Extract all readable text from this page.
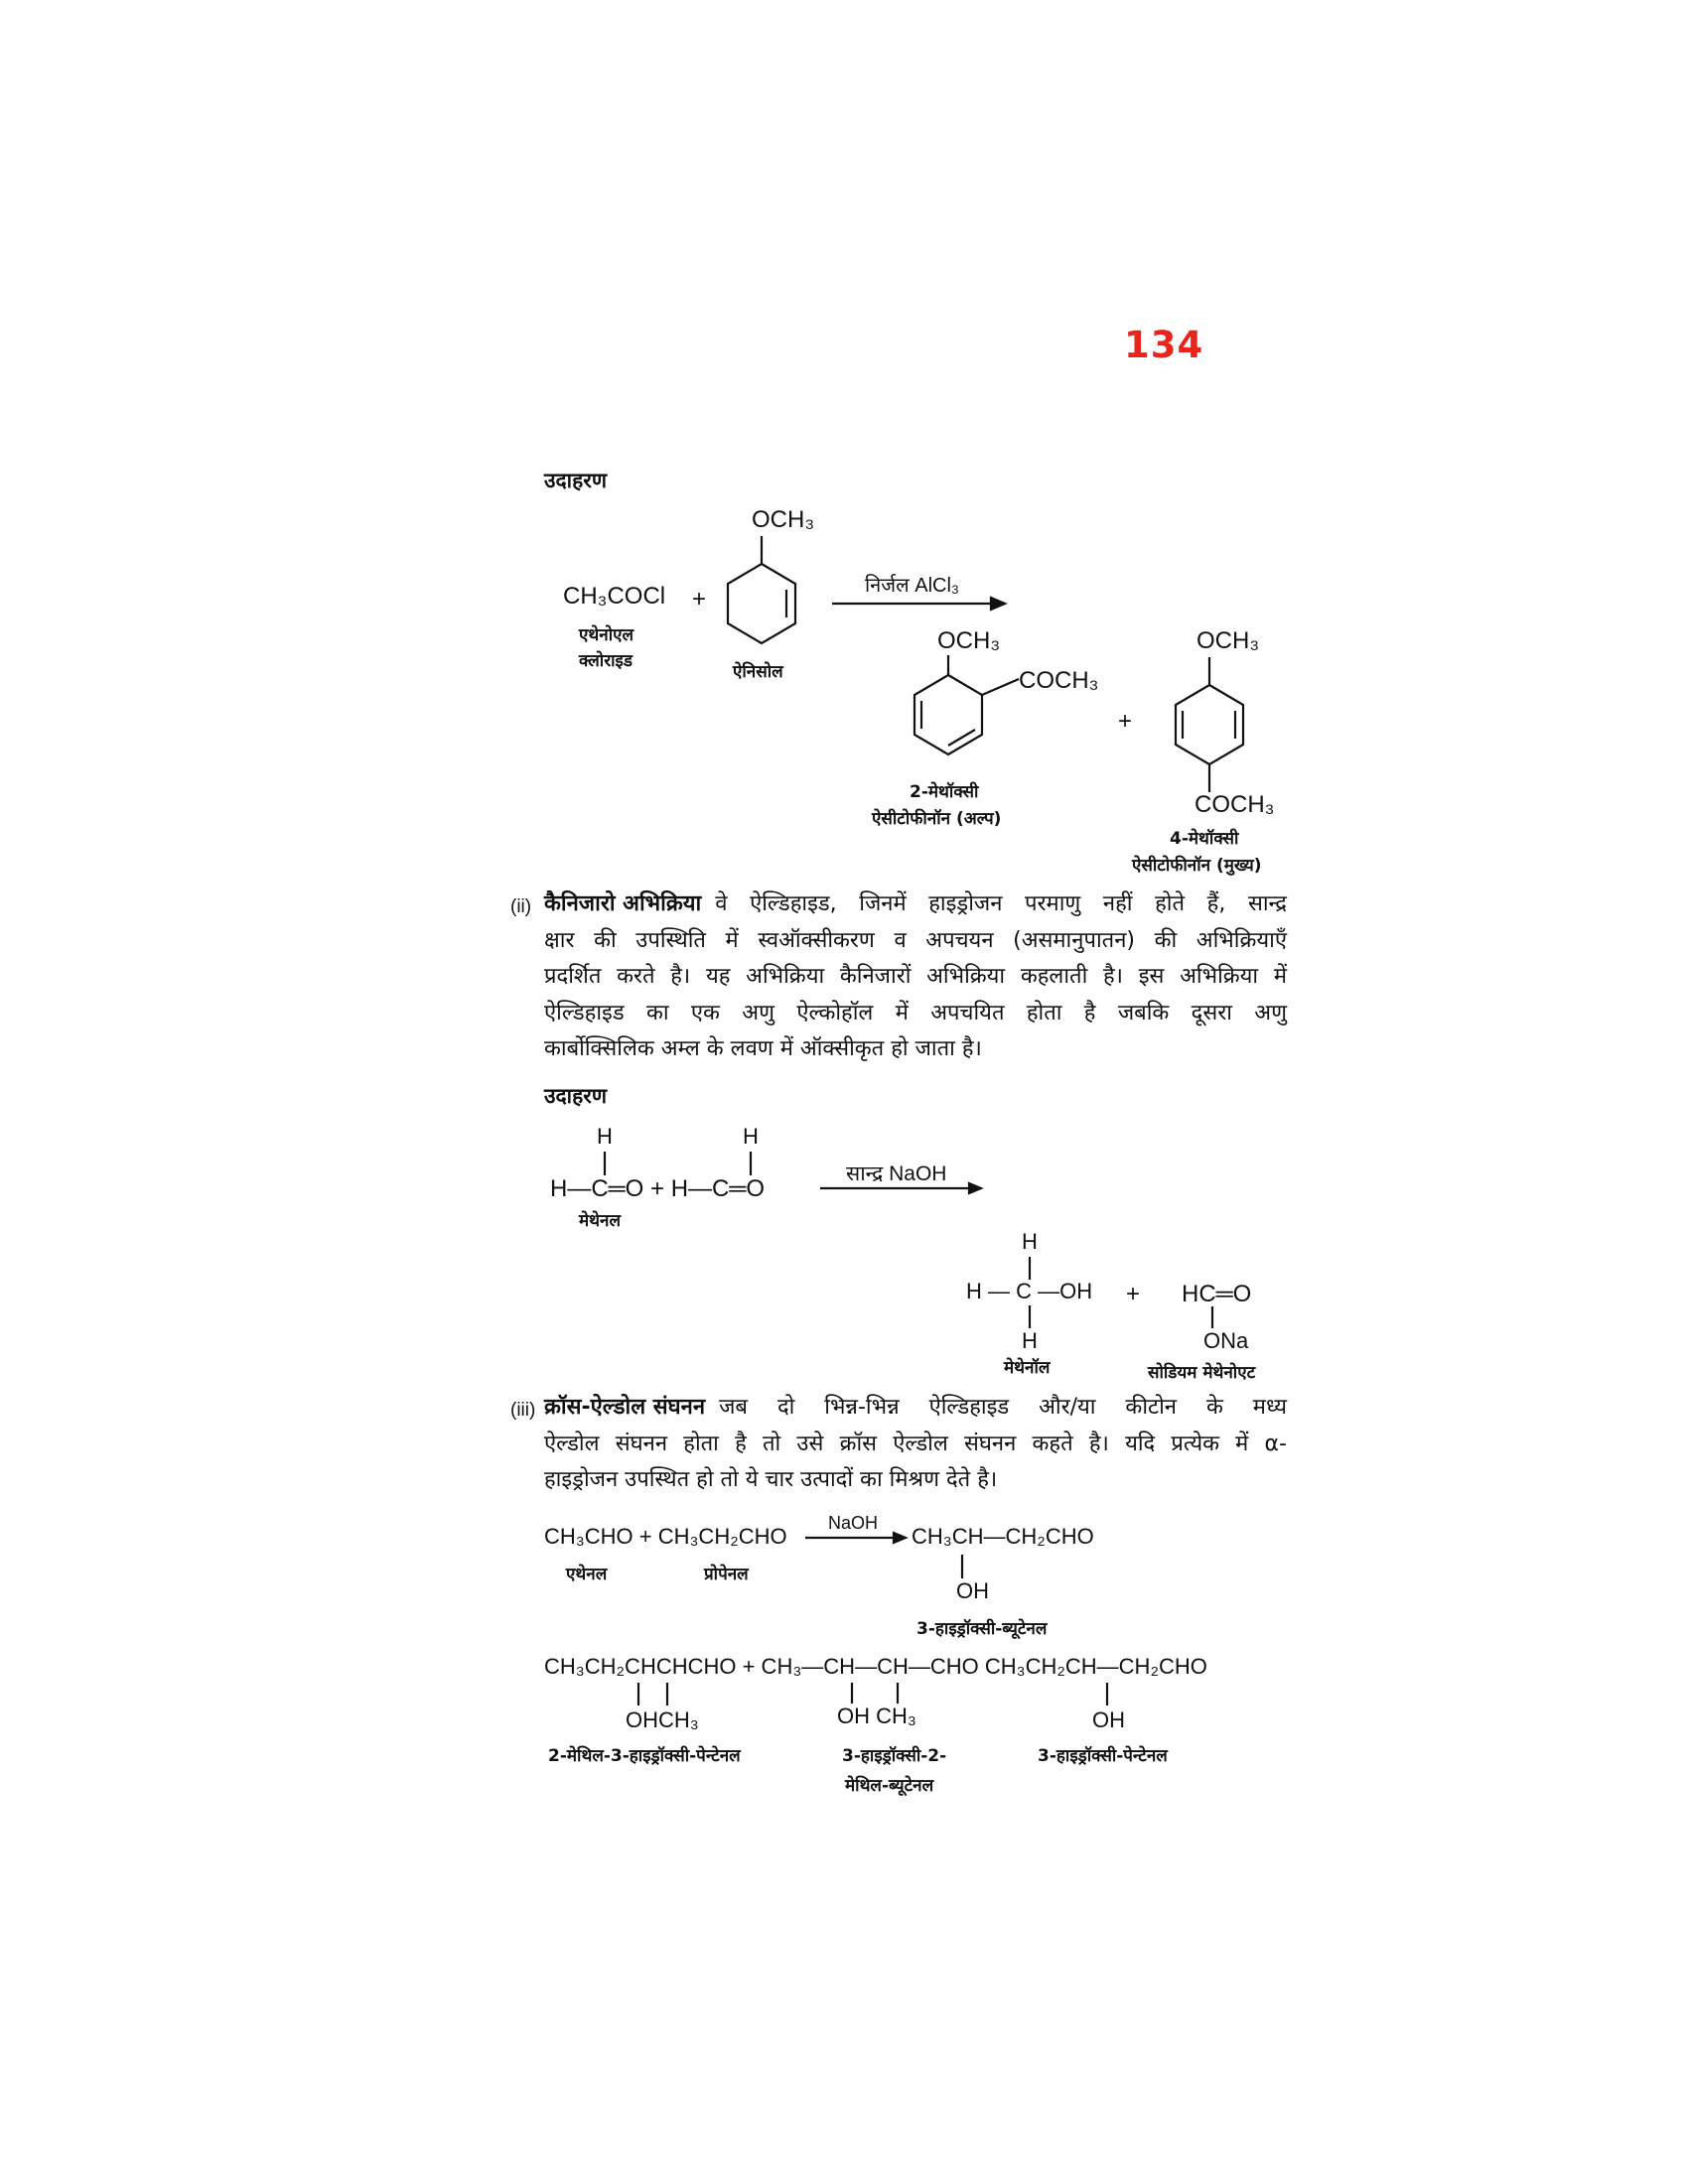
134
उदाहरण
CH₃COCl
एथेनोएल
क्लोराइड
+
OCH₃
ऐनिसोल
निर्जल AlCl₃
OCH₃
COCH₃
2-मेथॉक्सी
ऐसीटोफीनॉन (अल्प)
+
OCH₃
COCH₃
4-मेथॉक्सी
ऐसीटोफीनॉन (मुख्य)
(ii) कैनिजारो अभिक्रिया वे ऐल्डिहाइड, जिनमें हाइड्रोजन परमाणु नहीं होते हैं, सान्द्र
क्षार की उपस्थिति में स्वऑक्सीकरण व अपचयन (असमानुपातन) की अभिक्रियाएँ
प्रदर्शित करते है। यह अभिक्रिया कैनिजारों अभिक्रिया कहलाती है। इस अभिक्रिया में
ऐल्डिहाइड का एक अणु ऐल्कोहॉल में अपचयित होता है जबकि दूसरा अणु
कार्बोक्सिलिक अम्ल के लवण में ऑक्सीकृत हो जाता है।
उदाहरण
H	H
H—C═O + H—C═O
सान्द्र NaOH
मेथेनल
H
H — C —OH
H
मेथेनॉल
+ HC═O
ONa
सोडियम मेथेनोएट
(iii) क्रॉस-ऐल्डोल संघनन जब दो भिन्न-भिन्न ऐल्डिहाइड और/या कीटोन के मध्य
ऐल्डोल संघनन होता है तो उसे क्रॉस ऐल्डोल संघनन कहते है। यदि प्रत्येक में α-
हाइड्रोजन उपस्थित हो तो ये चार उत्पादों का मिश्रण देते है।
CH₃CHO + CH₃CH₂CHO
NaOH
CH₃CH—CH₂CHO
एथेनल	प्रोपेनल
OH
3-हाइड्रॉक्सी-ब्यूटेनल
CH₃CH₂CHCHCHO + CH₃—CH—CH—CHO CH₃CH₂CH—CH₂CHO
OHCH₃	OH CH₃	OH
2-मेथिल-3-हाइड्रॉक्सी-पेन्टेनल	3-हाइड्रॉक्सी-2-
मेथिल-ब्यूटेनल
3-हाइड्रॉक्सी-पेन्टेनल
